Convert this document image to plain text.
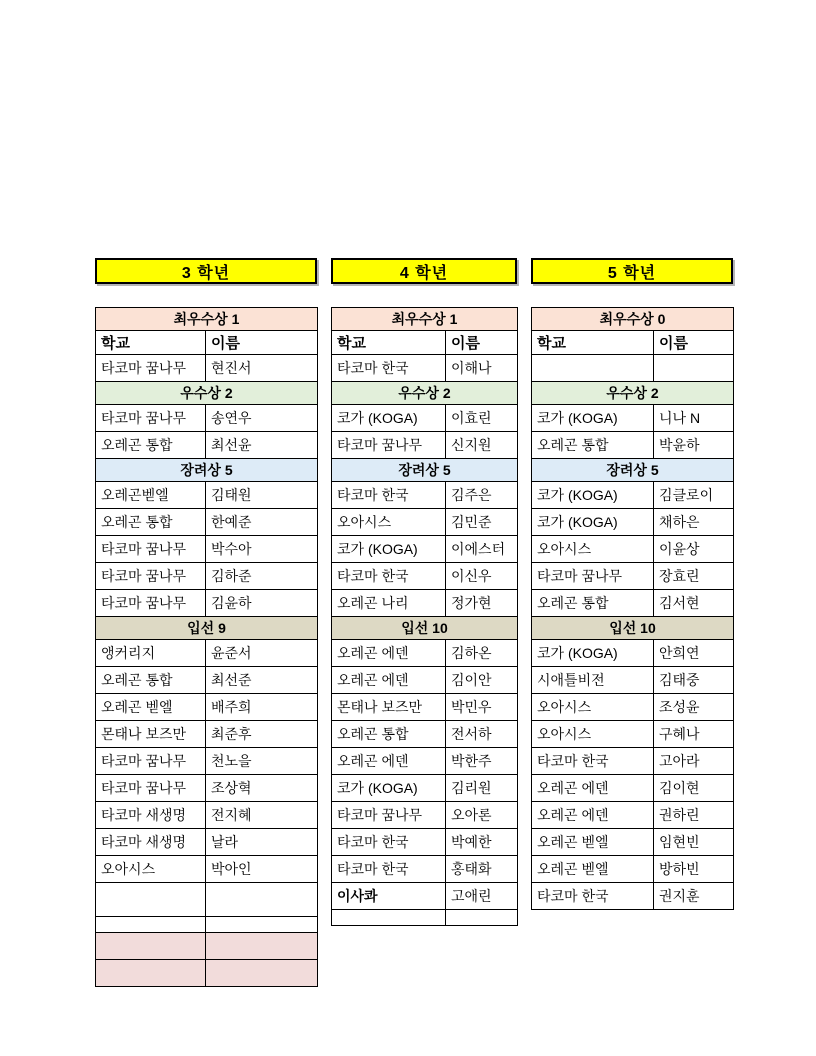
3 학년
최우수상 1	
학교	이름
타코마 꿈나무	현진서
우수상 2	
타코마 꿈나무	송연우
오레곤 통합	최선윤
장려상 5	
오레곤벧엘	김태원
오레곤 통합	한예준
타코마 꿈나무	박수아
타코마 꿈나무	김하준
타코마 꿈나무	김윤하
입선 9	
앵커리지	윤준서
오레곤 통합	최선준
오레곤 벧엘	배주희
몬태나 보즈만	최준후
타코마 꿈나무	천노을
타코마 꿈나무	조상혁
타코마 새생명	전지혜
타코마 새생명	날라
오아시스	박아인

4 학년
최우수상 1	
학교	이름
타코마 한국	이해나
우수상 2	
코가 (KOGA)	이효린
타코마 꿈나무	신지원
장려상 5	
타코마 한국	김주은
오아시스	김민준
코가 (KOGA)	이에스터
타코마 한국	이신우
오레곤 나리	정가현
입선 10	
오레곤 에덴	김하온
오레곤 에덴	김이안
몬태나 보즈만	박민우
오레곤 통합	전서하
오레곤 에덴	박한주
코가 (KOGA)	김리원
타코마 꿈나무	오아론
타코마 한국	박예한
타코마 한국	홍태화
이사콰	고애린

5 학년
최우수상 0	
학교	이름

우수상 2	
코가 (KOGA)	니나 N
오레곤 통합	박윤하
장려상 5	
코가 (KOGA)	김클로이
코가 (KOGA)	채하은
오아시스	이윤상
타코마 꿈나무	장효린
오레곤 통합	김서현
입선 10	
코가 (KOGA)	안희연
시애틀비전	김태중
오아시스	조성윤
오아시스	구혜나
타코마 한국	고아라
오레곤 에덴	김이현
오레곤 에덴	권하린
오레곤 벧엘	임현빈
오레곤 벧엘	방하빈
타코마 한국	권지훈
